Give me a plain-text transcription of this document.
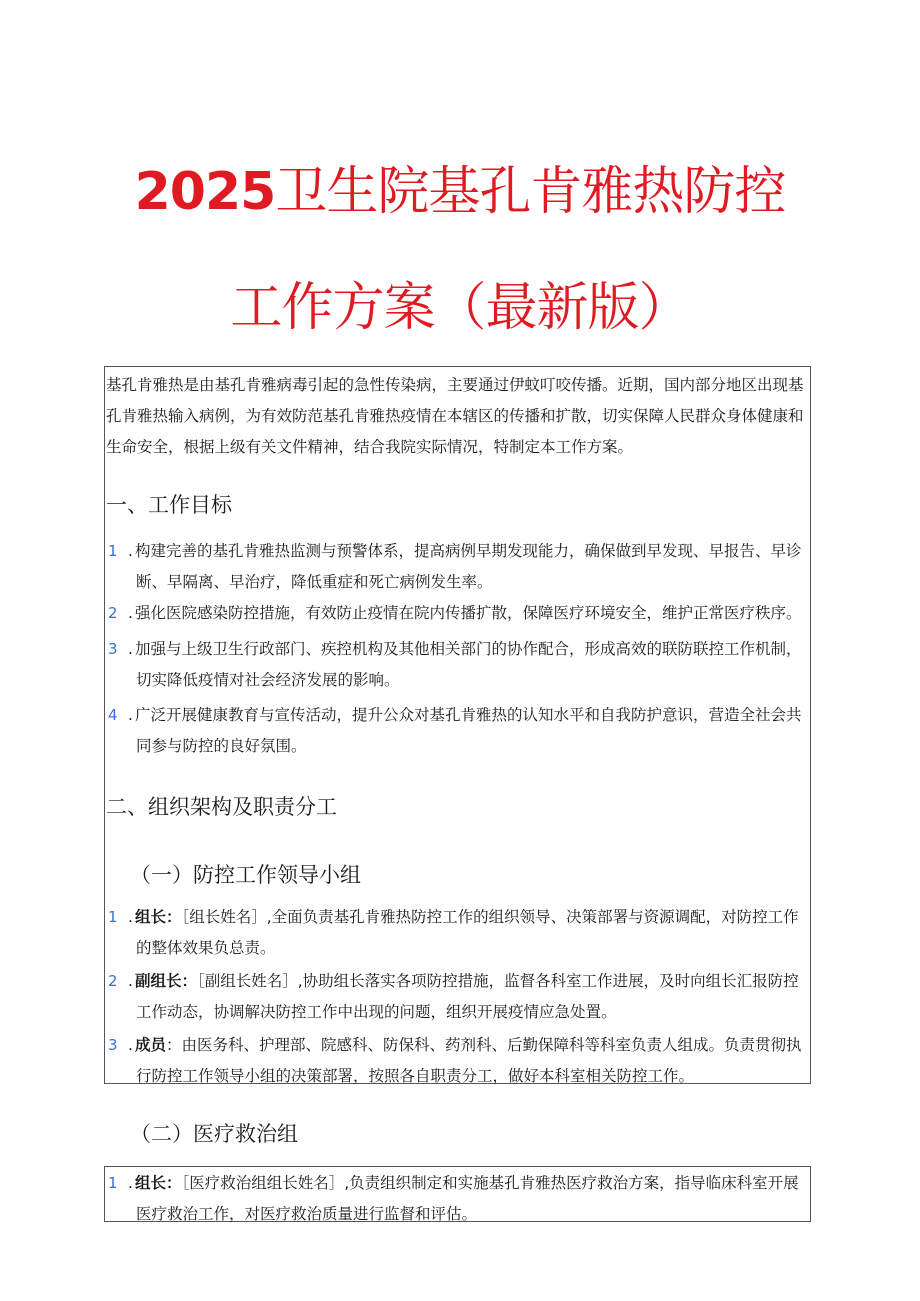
2025卫生院基孔肯雅热防控
工作方案（最新版）

基孔肯雅热是由基孔肯雅病毒引起的急性传染病，主要通过伊蚊叮咬传播。近期，国内部分地区出现基孔肯雅热输入病例，为有效防范基孔肯雅热疫情在本辖区的传播和扩散，切实保障人民群众身体健康和生命安全，根据上级有关文件精神，结合我院实际情况，特制定本工作方案。

一、工作目标
1 . 构建完善的基孔肯雅热监测与预警体系，提高病例早期发现能力，确保做到早发现、早报告、早诊断、早隔离、早治疗，降低重症和死亡病例发生率。
2 . 强化医院感染防控措施，有效防止疫情在院内传播扩散，保障医疗环境安全，维护正常医疗秩序。
3 . 加强与上级卫生行政部门、疾控机构及其他相关部门的协作配合，形成高效的联防联控工作机制，切实降低疫情对社会经济发展的影响。
4 . 广泛开展健康教育与宣传活动，提升公众对基孔肯雅热的认知水平和自我防护意识，营造全社会共同参与防控的良好氛围。
二、组织架构及职责分工
（一）防控工作领导小组
1 . 组长：［组长姓名］,全面负责基孔肯雅热防控工作的组织领导、决策部署与资源调配，对防控工作的整体效果负总责。
2 . 副组长：［副组长姓名］,协助组长落实各项防控措施，监督各科室工作进展，及时向组长汇报防控工作动态，协调解决防控工作中出现的问题，组织开展疫情应急处置。
3 . 成员：由医务科、护理部、院感科、防保科、药剂科、后勤保障科等科室负责人组成。负责贯彻执行防控工作领导小组的决策部署，按照各自职责分工，做好本科室相关防控工作。
（二）医疗救治组
1 . 组长：［医疗救治组组长姓名］,负责组织制定和实施基孔肯雅热医疗救治方案，指导临床科室开展医疗救治工作，对医疗救治质量进行监督和评估。
